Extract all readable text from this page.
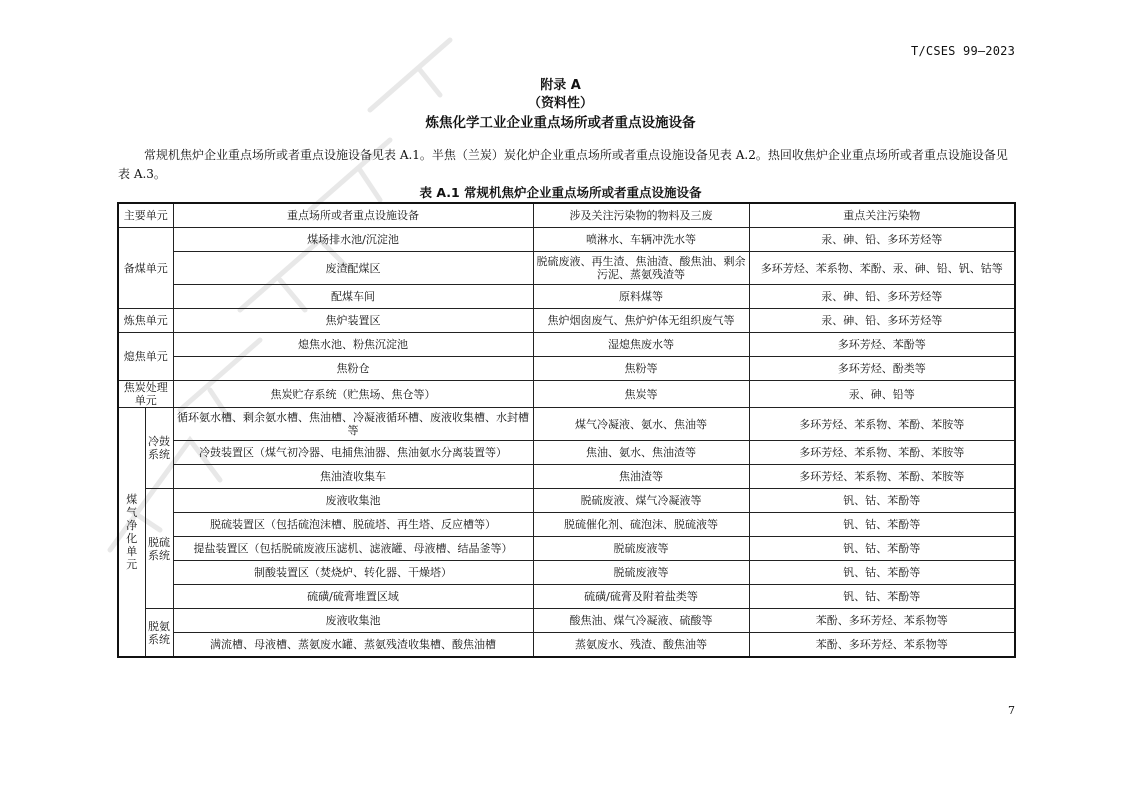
T/CSES 99—2023
附录 A
（资料性）
炼焦化学工业企业重点场所或者重点设施设备
常规机焦炉企业重点场所或者重点设施设备见表 A.1。半焦（兰炭）炭化炉企业重点场所或者重点设施设备见表 A.2。热回收焦炉企业重点场所或者重点设施设备见表 A.3。
表 A.1 常规机焦炉企业重点场所或者重点设施设备
主要单元		重点场所或者重点设施设备	涉及关注污染物的物料及三废	重点关注污染物
备煤单元		煤场排水池/沉淀池	喷淋水、车辆冲洗水等	汞、砷、铅、多环芳烃等
		废渣配煤区	脱硫废液、再生渣、焦油渣、酸焦油、剩余污泥、蒸氨残渣等	多环芳烃、苯系物、苯酚、汞、砷、铅、钒、钴等
		配煤车间	原料煤等	汞、砷、铅、多环芳烃等
炼焦单元		焦炉装置区	焦炉烟囱废气、焦炉炉体无组织废气等	汞、砷、铅、多环芳烃等
熄焦单元		熄焦水池、粉焦沉淀池	湿熄焦废水等	多环芳烃、苯酚等
		焦粉仓	焦粉等	多环芳烃、酚类等
焦炭处理单元		焦炭贮存系统（贮焦场、焦仓等）	焦炭等	汞、砷、铅等
煤气净化单元	冷鼓系统	循环氨水槽、剩余氨水槽、焦油槽、冷凝液循环槽、废液收集槽、水封槽等	煤气冷凝液、氨水、焦油等	多环芳烃、苯系物、苯酚、苯胺等
		冷鼓装置区（煤气初冷器、电捕焦油器、焦油氨水分离装置等）	焦油、氨水、焦油渣等	多环芳烃、苯系物、苯酚、苯胺等
		焦油渣收集车	焦油渣等	多环芳烃、苯系物、苯酚、苯胺等
	脱硫系统	废液收集池	脱硫废液、煤气冷凝液等	钒、钴、苯酚等
		脱硫装置区（包括硫泡沫槽、脱硫塔、再生塔、反应槽等）	脱硫催化剂、硫泡沫、脱硫液等	钒、钴、苯酚等
		提盐装置区（包括脱硫废液压滤机、滤液罐、母液槽、结晶釜等）	脱硫废液等	钒、钴、苯酚等
		制酸装置区（焚烧炉、转化器、干燥塔）	脱硫废液等	钒、钴、苯酚等
		硫磺/硫膏堆置区域	硫磺/硫膏及附着盐类等	钒、钴、苯酚等
	脱氨系统	废液收集池	酸焦油、煤气冷凝液、硫酸等	苯酚、多环芳烃、苯系物等
		满流槽、母液槽、蒸氨废水罐、蒸氨残渣收集槽、酸焦油槽	蒸氨废水、残渣、酸焦油等	苯酚、多环芳烃、苯系物等
7
